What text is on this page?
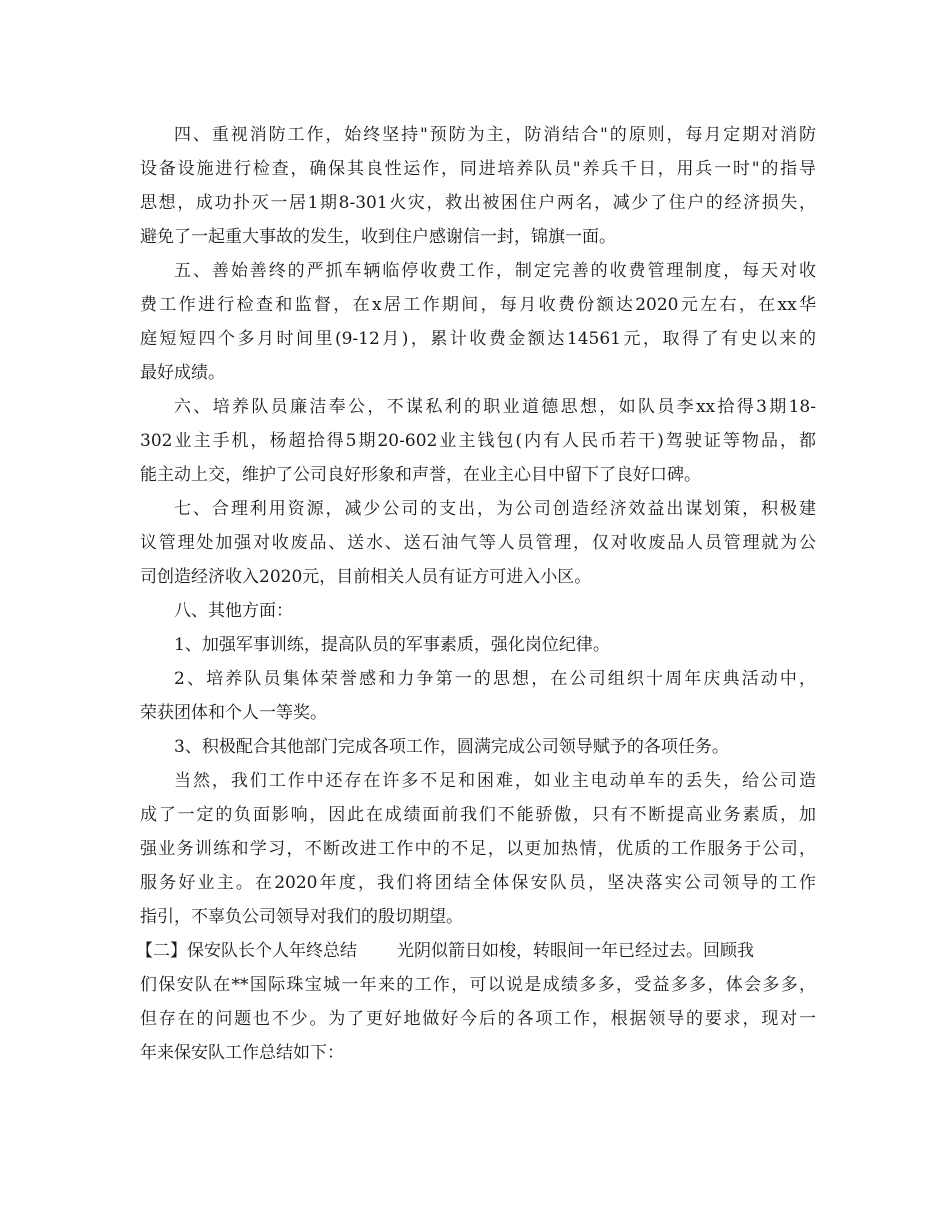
四、重视消防工作，始终坚持"预防为主，防消结合"的原则，每月定期对消防
设备设施进行检查，确保其良性运作，同进培养队员"养兵千日，用兵一时"的指导
思想，成功扑灭一居1期8-301火灾，救出被困住户两名，减少了住户的经济损失，
避免了一起重大事故的发生，收到住户感谢信一封，锦旗一面。
五、善始善终的严抓车辆临停收费工作，制定完善的收费管理制度，每天对收
费工作进行检查和监督，在x居工作期间，每月收费份额达2020元左右，在xx华
庭短短四个多月时间里(9-12月)，累计收费金额达14561元，取得了有史以来的
最好成绩。
六、培养队员廉洁奉公，不谋私利的职业道德思想，如队员李xx拾得3期18-
302业主手机，杨超拾得5期20-602业主钱包(内有人民币若干)驾驶证等物品，都
能主动上交，维护了公司良好形象和声誉，在业主心目中留下了良好口碑。
七、合理利用资源，减少公司的支出，为公司创造经济效益出谋划策，积极建
议管理处加强对收废品、送水、送石油气等人员管理，仅对收废品人员管理就为公
司创造经济收入2020元，目前相关人员有证方可进入小区。
八、其他方面：
1、加强军事训练，提高队员的军事素质，强化岗位纪律。
2、培养队员集体荣誉感和力争第一的思想，在公司组织十周年庆典活动中，
荣获团体和个人一等奖。
3、积极配合其他部门完成各项工作，圆满完成公司领导赋予的各项任务。
当然，我们工作中还存在许多不足和困难，如业主电动单车的丢失，给公司造
成了一定的负面影响，因此在成绩面前我们不能骄傲，只有不断提高业务素质，加
强业务训练和学习，不断改进工作中的不足，以更加热情，优质的工作服务于公司，
服务好业主。在2020年度，我们将团结全体保安队员，坚决落实公司领导的工作
指引，不辜负公司领导对我们的殷切期望。
【二】保安队长个人年终总结 光阴似箭日如梭，转眼间一年已经过去。回顾我
们保安队在**国际珠宝城一年来的工作，可以说是成绩多多，受益多多，体会多多，
但存在的问题也不少。为了更好地做好今后的各项工作，根据领导的要求，现对一
年来保安队工作总结如下：
